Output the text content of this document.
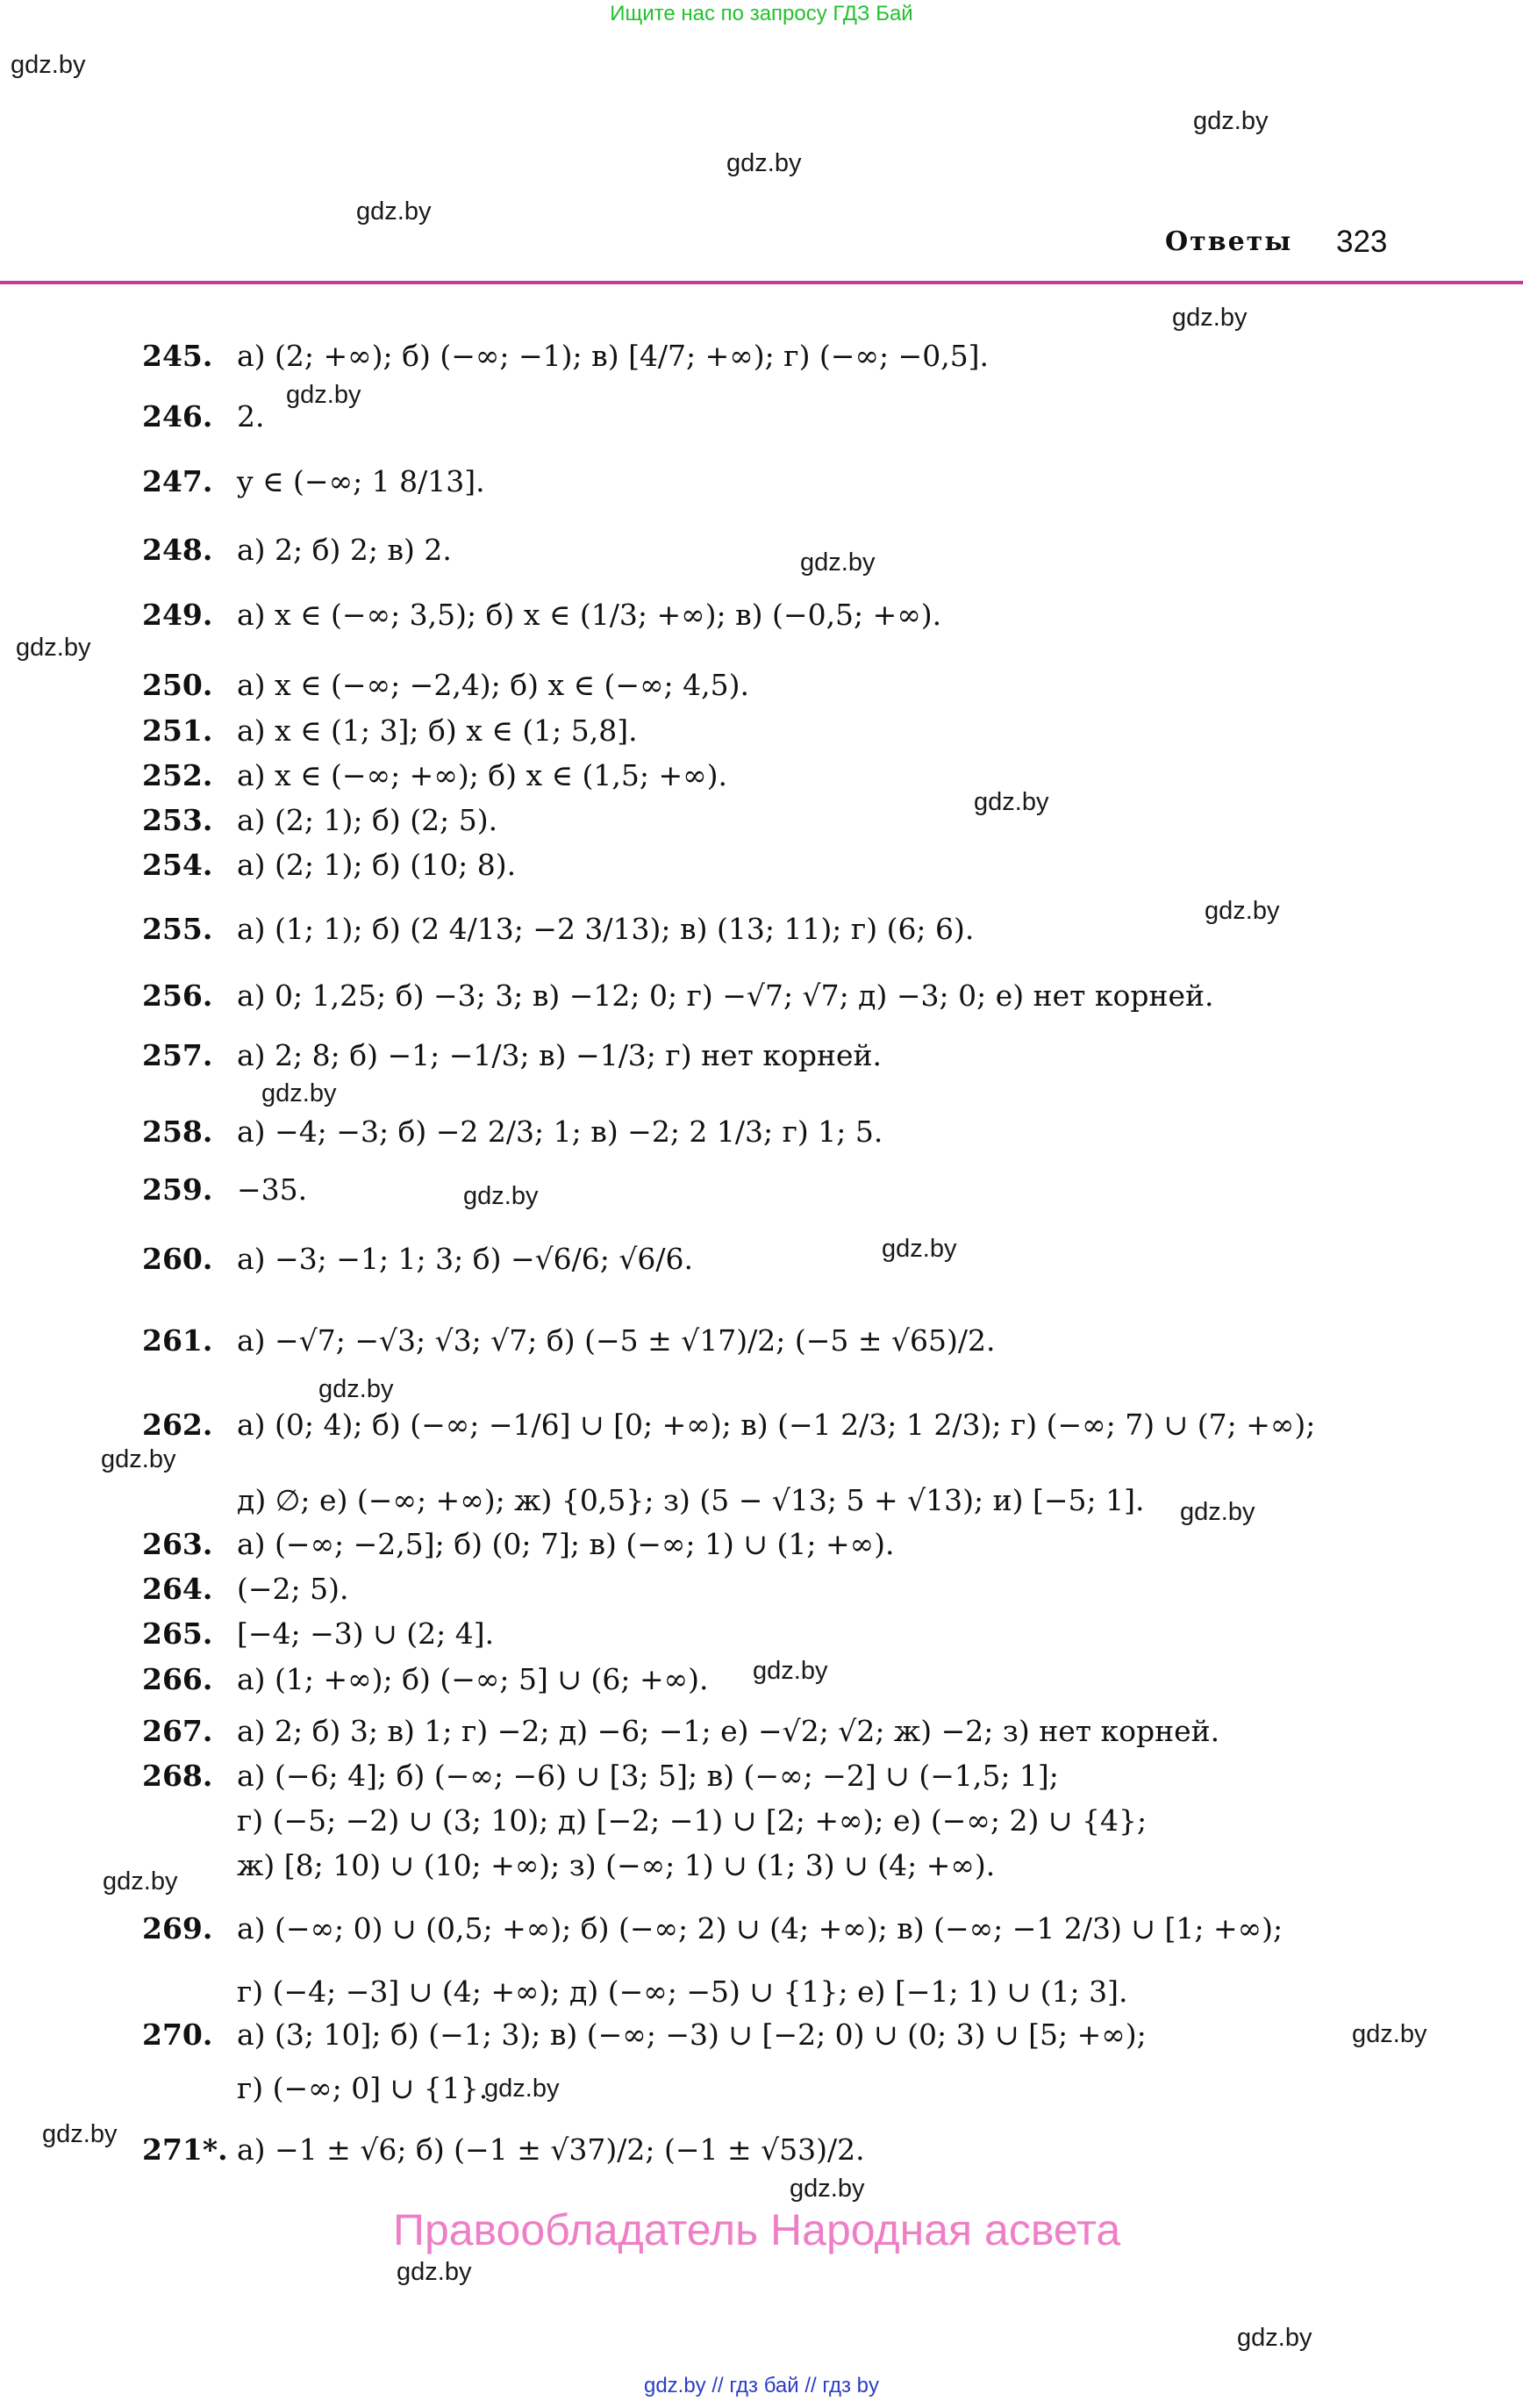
Ищите нас по запросу ГДЗ Бай
gdz.by
gdz.by
gdz.by
gdz.by
gdz.by
gdz.by
gdz.by
gdz.by
gdz.by
gdz.by
gdz.by
gdz.by
gdz.by
gdz.by
gdz.by
gdz.by
gdz.by
gdz.by
gdz.by
gdz.by
gdz.by
gdz.by
gdz.by
gdz.by
Ответы 323
245. а) (2; +∞); б) (−∞; −1); в) [4/7; +∞); г) (−∞; −0,5].
246. 2.
247. y ∈ (−∞; 1 8/13].
248. а) 2; б) 2; в) 2.
249. а) x ∈ (−∞; 3,5); б) x ∈ (1/3; +∞); в) (−0,5; +∞).
250. а) x ∈ (−∞; −2,4); б) x ∈ (−∞; 4,5).
251. а) x ∈ (1; 3]; б) x ∈ (1; 5,8].
252. а) x ∈ (−∞; +∞); б) x ∈ (1,5; +∞).
253. а) (2; 1); б) (2; 5).
254. а) (2; 1); б) (10; 8).
255. а) (1; 1); б) (2 4/13; −2 3/13); в) (13; 11); г) (6; 6).
256. а) 0; 1,25; б) −3; 3; в) −12; 0; г) −√7; √7; д) −3; 0; е) нет корней.
257. а) 2; 8; б) −1; −1/3; в) −1/3; г) нет корней.
258. а) −4; −3; б) −2 2/3; 1; в) −2; 2 1/3; г) 1; 5.
259. −35.
260. а) −3; −1; 1; 3; б) −√6/6; √6/6.
261. а) −√7; −√3; √3; √7; б) (−5 ± √17)/2; (−5 ± √65)/2.
262. а) (0; 4); б) (−∞; −1/6] ∪ [0; +∞); в) (−1 2/3; 1 2/3); г) (−∞; 7) ∪ (7; +∞);
д) ∅; е) (−∞; +∞); ж) {0,5}; з) (5 − √13; 5 + √13); и) [−5; 1].
263. а) (−∞; −2,5]; б) (0; 7]; в) (−∞; 1) ∪ (1; +∞).
264. (−2; 5).
265. [−4; −3) ∪ (2; 4].
266. а) (1; +∞); б) (−∞; 5] ∪ (6; +∞).
267. а) 2; б) 3; в) 1; г) −2; д) −6; −1; е) −√2; √2; ж) −2; з) нет корней.
268. а) (−6; 4]; б) (−∞; −6) ∪ [3; 5]; в) (−∞; −2] ∪ (−1,5; 1];
г) (−5; −2) ∪ (3; 10); д) [−2; −1) ∪ [2; +∞); е) (−∞; 2) ∪ {4};
ж) [8; 10) ∪ (10; +∞); з) (−∞; 1) ∪ (1; 3) ∪ (4; +∞).
269. а) (−∞; 0) ∪ (0,5; +∞); б) (−∞; 2) ∪ (4; +∞); в) (−∞; −1 2/3) ∪ [1; +∞);
г) (−4; −3] ∪ (4; +∞); д) (−∞; −5) ∪ {1}; е) [−1; 1) ∪ (1; 3].
270. а) (3; 10]; б) (−1; 3); в) (−∞; −3) ∪ [−2; 0) ∪ (0; 3) ∪ [5; +∞);
г) (−∞; 0] ∪ {1}.
271*. а) −1 ± √6; б) (−1 ± √37)/2; (−1 ± √53)/2.
Правообладатель Народная асвета
gdz.by // гдз бай // гдз by
